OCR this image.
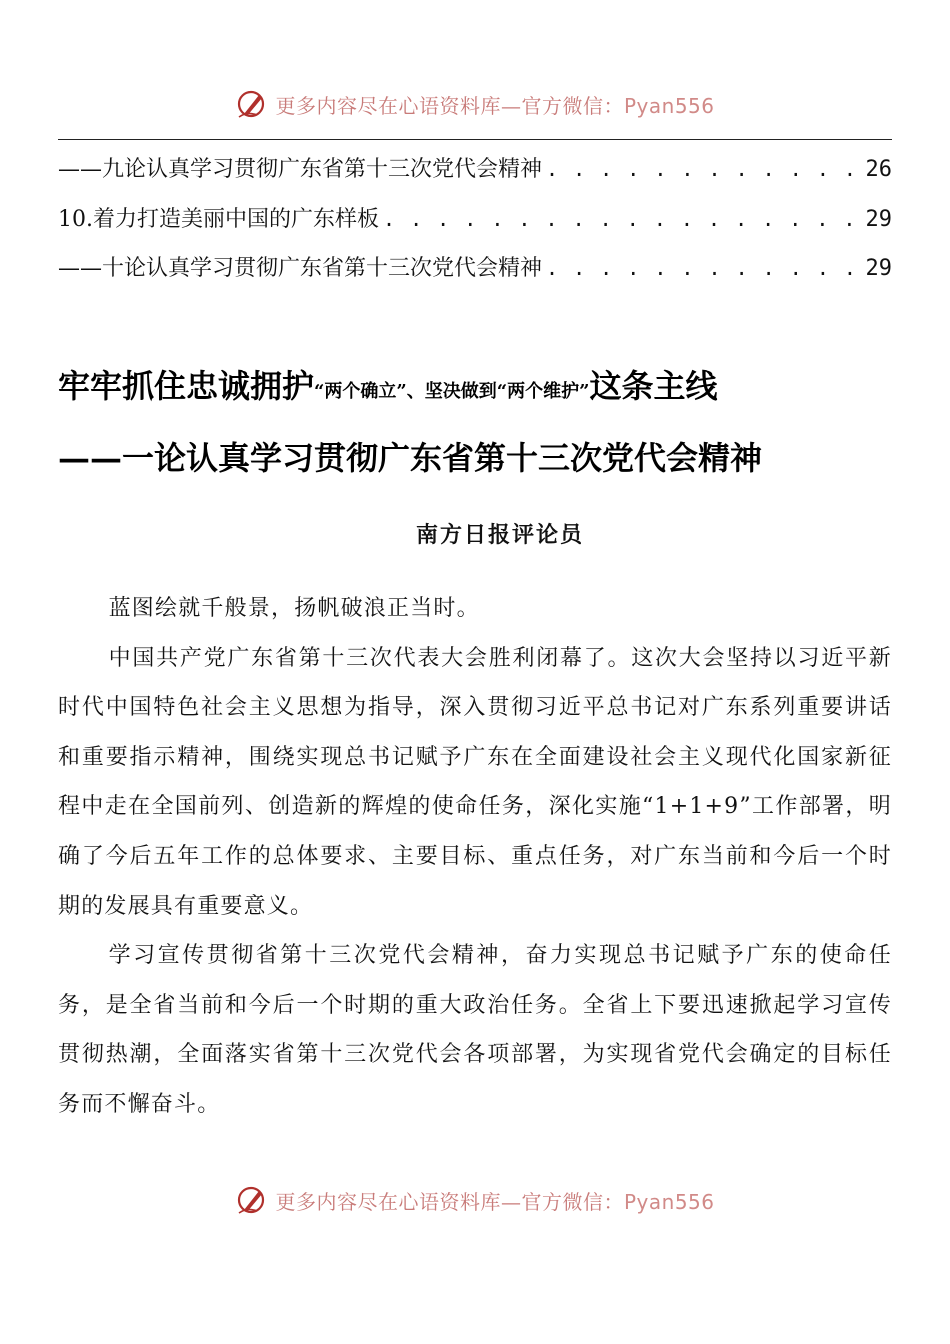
更多内容尽在心语资料库—官方微信：Pyan556
——九论认真学习贯彻广东省第十三次党代会精神 . . .	26
10.着力打造美丽中国的广东样板 . . .	29
——十论认真学习贯彻广东省第十三次党代会精神 . . .	29
牢牢抓住忠诚拥护“两个确立”、坚决做到“两个维护”这条主线
——一论认真学习贯彻广东省第十三次党代会精神
南方日报评论员

蓝图绘就千般景，扬帆破浪正当时。

中国共产党广东省第十三次代表大会胜利闭幕了。这次大会坚持以习近平新时代中国特色社会主义思想为指导，深入贯彻习近平总书记对广东系列重要讲话和重要指示精神，围绕实现总书记赋予广东在全面建设社会主义现代化国家新征程中走在全国前列、创造新的辉煌的使命任务，深化实施“1+1+9”工作部署，明确了今后五年工作的总体要求、主要目标、重点任务，对广东当前和今后一个时期的发展具有重要意义。

学习宣传贯彻省第十三次党代会精神，奋力实现总书记赋予广东的使命任务，是全省当前和今后一个时期的重大政治任务。全省上下要迅速掀起学习宣传贯彻热潮，全面落实省第十三次党代会各项部署，为实现省党代会确定的目标任务而不懈奋斗。

更多内容尽在心语资料库—官方微信：Pyan556
